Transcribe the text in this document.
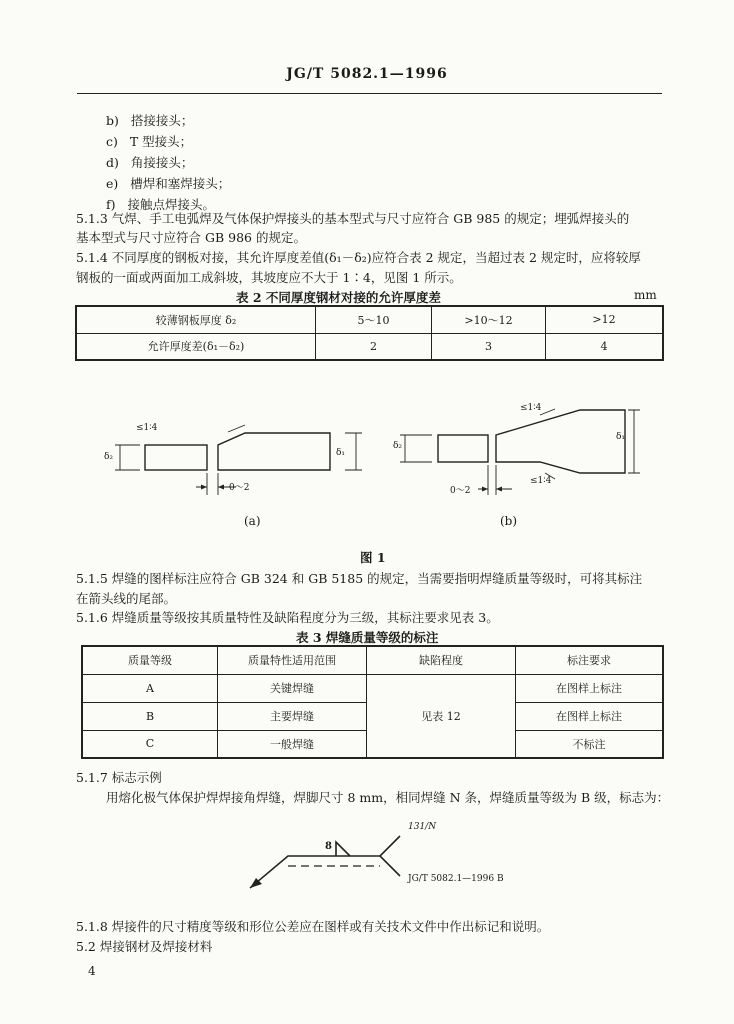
JG/T 5082.1—1996
b) 搭接接头；
c) T 型接头；
d) 角接接头；
e) 槽焊和塞焊接头；
f) 接触点焊接头。
5.1.3 气焊、手工电弧焊及气体保护焊接头的基本型式与尺寸应符合 GB 985 的规定；埋弧焊接头的
基本型式与尺寸应符合 GB 986 的规定。
5.1.4 不同厚度的钢板对接，其允许厚度差值(δ₁－δ₂)应符合表 2 规定，当超过表 2 规定时，应将较厚
钢板的一面或两面加工成斜坡，其坡度应不大于 1∶4，见图 1 所示。
表 2 不同厚度钢材对接的允许厚度差	mm
较薄钢板厚度 δ₂	5～10	>10～12	>12
允许厚度差(δ₁－δ₂)	2	3	4
≤1∶4
δ₂	δ₁
0～2
(a)
≤1∶4
≤1∶4
δ₂
δ₁
0～2
(b)
图 1
5.1.5 焊缝的图样标注应符合 GB 324 和 GB 5185 的规定，当需要指明焊缝质量等级时，可将其标注
在箭头线的尾部。
5.1.6 焊缝质量等级按其质量特性及缺陷程度分为三级，其标注要求见表 3。
表 3 焊缝质量等级的标注
质量等级	质量特性适用范围	缺陷程度	标注要求
A	关键焊缝	见表 12	在图样上标注
B	主要焊缝		在图样上标注
C	一般焊缝		不标注
5.1.7 标志示例
用熔化极气体保护焊焊接角焊缝，焊脚尺寸 8 mm，相同焊缝 N 条，焊缝质量等级为 B 级，标志为：
8
131/N
JG/T 5082.1—1996 B
5.1.8 焊接件的尺寸精度等级和形位公差应在图样或有关技术文件中作出标记和说明。
5.2 焊接钢材及焊接材料
4
